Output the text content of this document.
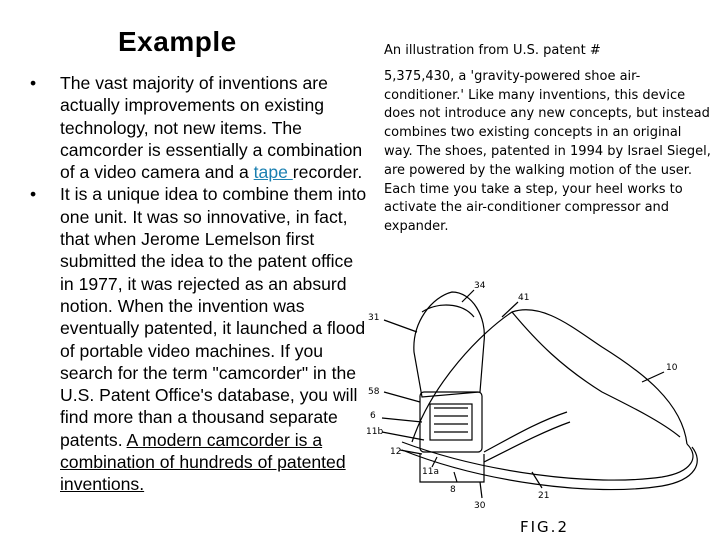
Example
• The vast majority of inventions are actually improvements on existing technology, not new items. The camcorder is essentially a combination of a video camera and a tape recorder.
• It is a unique idea to combine them into one unit. It was so innovative, in fact, that when Jerome Lemelson first submitted the idea to the patent office in 1977, it was rejected as an absurd notion. When the invention was eventually patented, it launched a flood of portable video machines. If you search for the term "camcorder" in the U.S. Patent Office's database, you will find more than a thousand separate patents. A modern camcorder is a combination of hundreds of patented inventions.
An illustration from U.S. patent #
5,375,430, a 'gravity-powered shoe air-conditioner.' Like many inventions, this device does not introduce any new concepts, but instead combines two existing concepts in an original way. The shoes, patented in 1994 by Israel Siegel, are powered by the walking motion of the user. Each time you take a step, your heel works to activate the air-conditioner compressor and expander.
34
41
31
10
58
6
11b
12
11a
8
30
21
FIG.2
